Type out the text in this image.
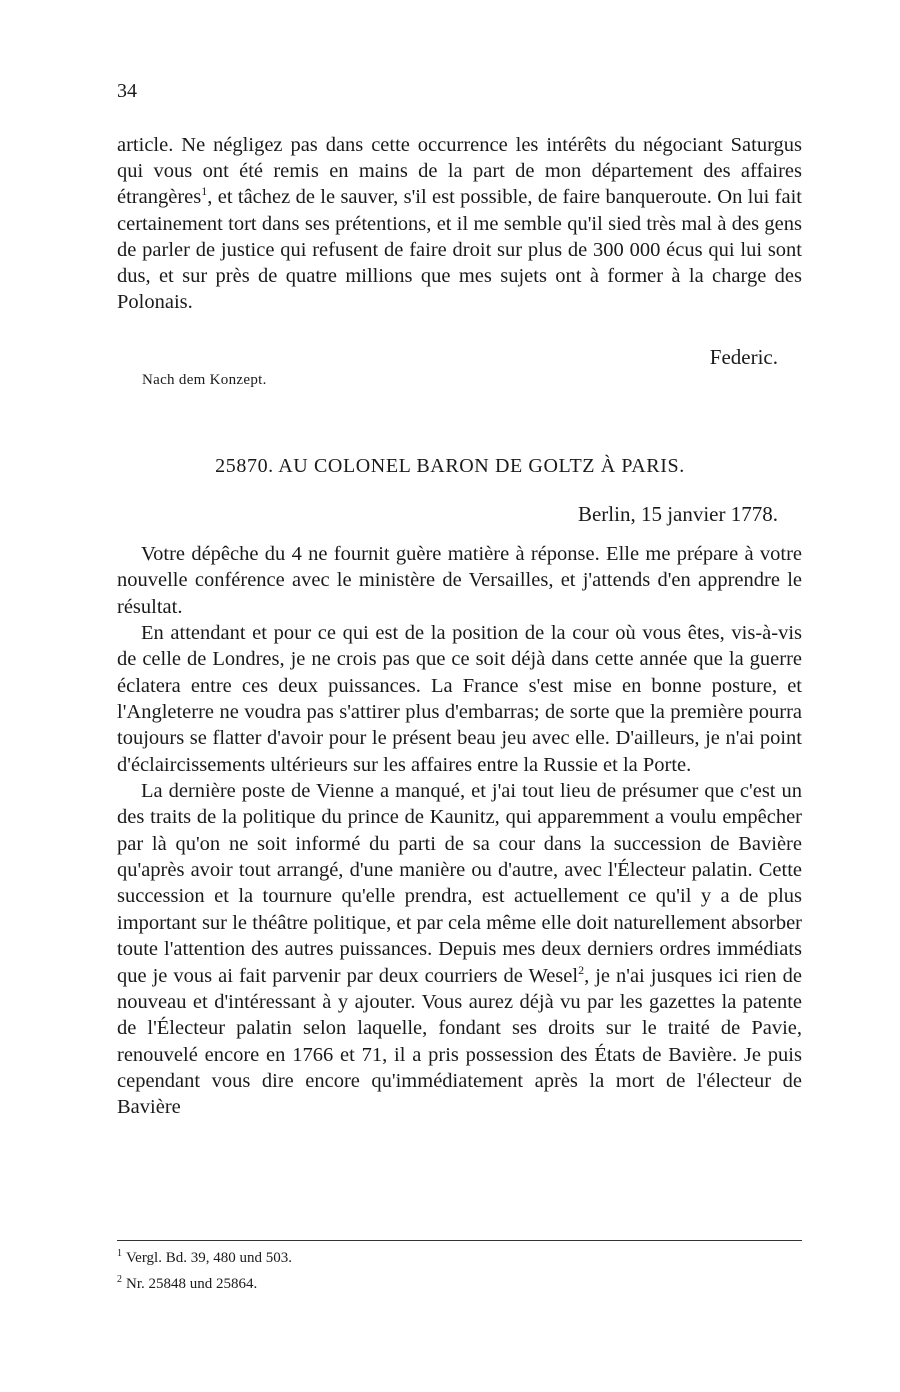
34

article. Ne négligez pas dans cette occurrence les intérêts du négociant Saturgus qui vous ont été remis en mains de la part de mon département des affaires étrangères$^1$, et tâchez de le sauver, s'il est possible, de faire banqueroute. On lui fait certainement tort dans ses prétentions, et il me semble qu'il sied très mal à des gens de parler de justice qui refusent de faire droit sur plus de 300 000 écus qui lui sont dus, et sur près de quatre millions que mes sujets ont à former à la charge des Polonais.

Federic.
Nach dem Konzept.
25870. AU COLONEL BARON DE GOLTZ À PARIS.
Berlin, 15 janvier 1778.

Votre dépêche du 4 ne fournit guère matière à réponse. Elle me prépare à votre nouvelle conférence avec le ministère de Versailles, et j'attends d'en apprendre le résultat.

En attendant et pour ce qui est de la position de la cour où vous êtes, vis-à-vis de celle de Londres, je ne crois pas que ce soit déjà dans cette année que la guerre éclatera entre ces deux puissances. La France s'est mise en bonne posture, et l'Angleterre ne voudra pas s'attirer plus d'embarras; de sorte que la première pourra toujours se flatter d'avoir pour le présent beau jeu avec elle. D'ailleurs, je n'ai point d'éclaircissements ultérieurs sur les affaires entre la Russie et la Porte.

La dernière poste de Vienne a manqué, et j'ai tout lieu de présumer que c'est un des traits de la politique du prince de Kaunitz, qui apparemment a voulu empêcher par là qu'on ne soit informé du parti de sa cour dans la succession de Bavière qu'après avoir tout arrangé, d'une manière ou d'autre, avec l'Électeur palatin. Cette succession et la tournure qu'elle prendra, est actuellement ce qu'il y a de plus important sur le théâtre politique, et par cela même elle doit naturellement absorber toute l'attention des autres puissances. Depuis mes deux derniers ordres immédiats que je vous ai fait parvenir par deux courriers de Wesel$^2$, je n'ai jusques ici rien de nouveau et d'intéressant à y ajouter. Vous aurez déjà vu par les gazettes la patente de l'Électeur palatin selon laquelle, fondant ses droits sur le traité de Pavie, renouvelé encore en 1766 et 71, il a pris possession des États de Bavière. Je puis cependant vous dire encore qu'immédiatement après la mort de l'électeur de Bavière

$^1$ Vergl. Bd. 39, 480 und 503.
$^2$ Nr. 25848 und 25864.
